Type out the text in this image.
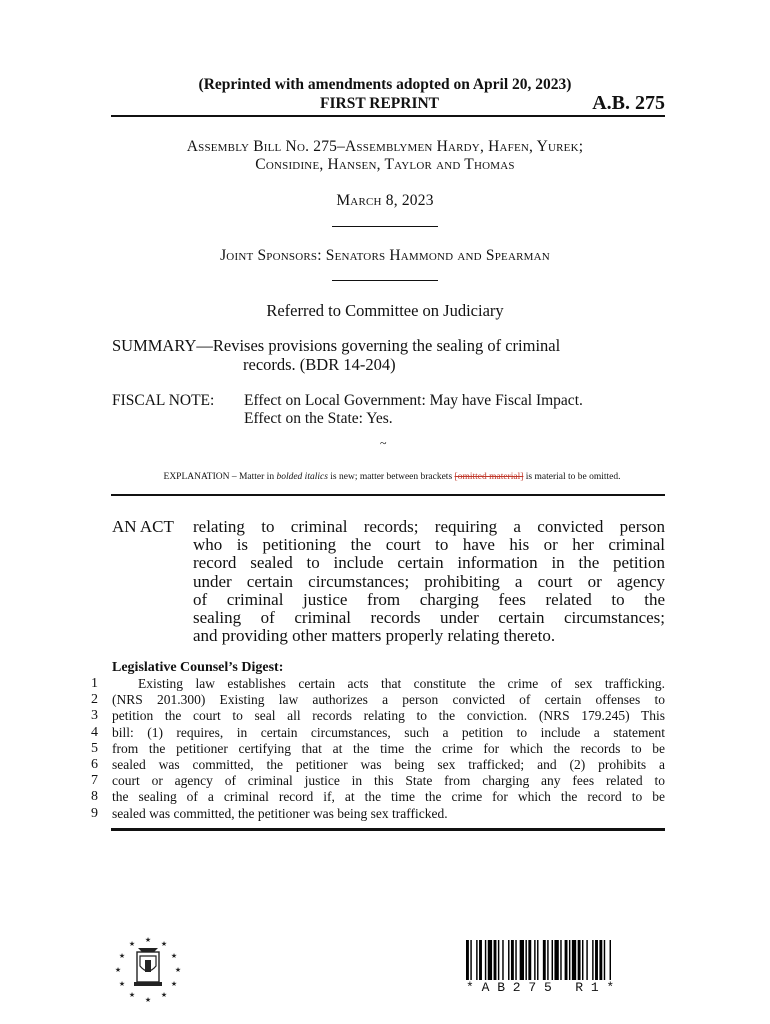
(Reprinted with amendments adopted on April 20, 2023)
FIRST REPRINT	A.B. 275
Assembly Bill No. 275–Assemblymen Hardy, Hafen, Yurek;
Considine, Hansen, Taylor and Thomas
March 8, 2023
Joint Sponsors: Senators Hammond and Spearman
Referred to Committee on Judiciary
SUMMARY—Revises provisions governing the sealing of criminal
records. (BDR 14-204)
FISCAL NOTE: Effect on Local Government: May have Fiscal Impact.
Effect on the State: Yes.
~
EXPLANATION – Matter in bolded italics is new; matter between brackets [omitted material] is material to be omitted.
AN ACT relating to criminal records; requiring a convicted person
who is petitioning the court to have his or her criminal
record sealed to include certain information in the petition
under certain circumstances; prohibiting a court or agency
of criminal justice from charging fees related to the
sealing of criminal records under certain circumstances;
and providing other matters properly relating thereto.
Legislative Counsel’s Digest:
1
2
3
4
5
6
7
8
9
Existing law establishes certain acts that constitute the crime of sex trafficking.
(NRS 201.300) Existing law authorizes a person convicted of certain offenses to
petition the court to seal all records relating to the conviction. (NRS 179.245) This
bill: (1) requires, in certain circumstances, such a petition to include a statement
from the petitioner certifying that at the time the crime for which the records to be
sealed was committed, the petitioner was being sex trafficked; and (2) prohibits a
court or agency of criminal justice in this State from charging any fees related to
the sealing of a criminal record if, at the time the crime for which the record to be
sealed was committed, the petitioner was being sex trafficked.
★
★	★
★	★
★	★
★	★
★	★
★
* A B 2 7 5   R 1 *
